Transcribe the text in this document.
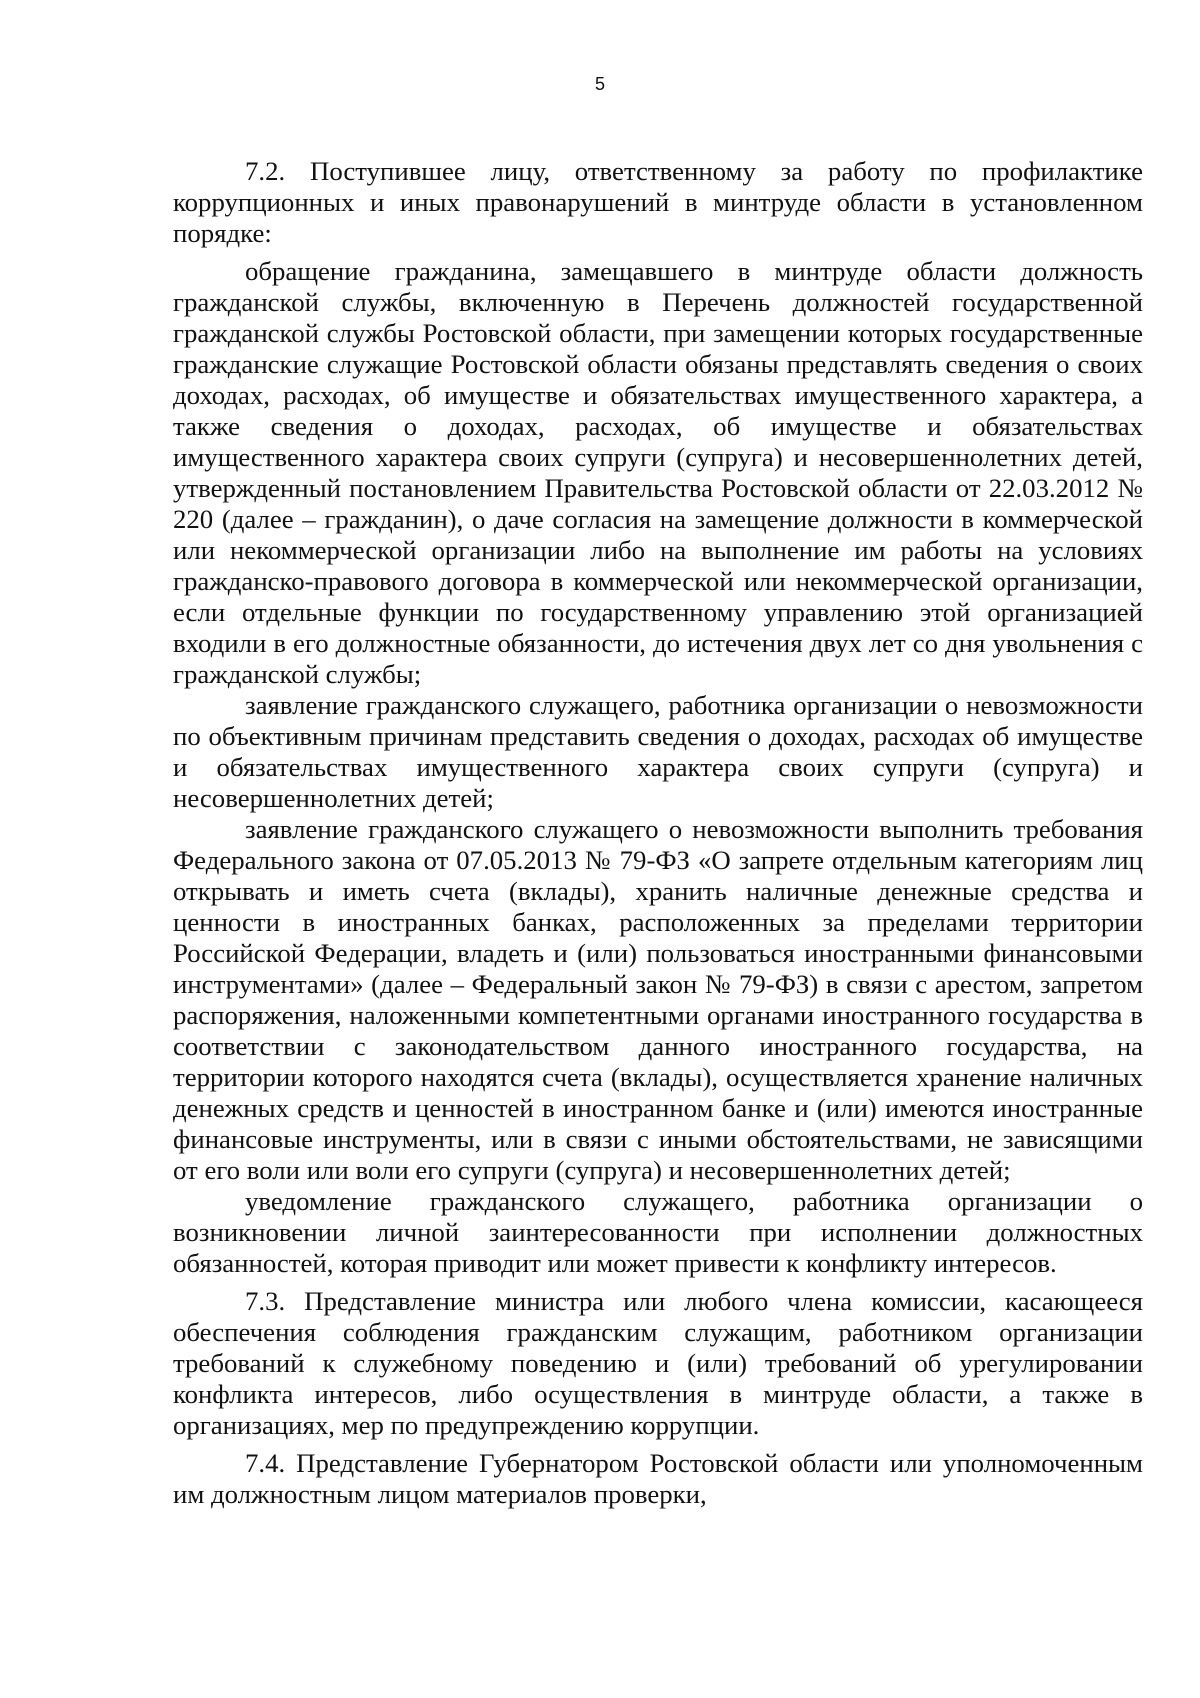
5

7.2. Поступившее лицу, ответственному за работу по профилактике коррупционных и иных правонарушений в минтруде области в установленном порядке:

обращение гражданина, замещавшего в минтруде области должность гражданской службы, включенную в Перечень должностей государственной гражданской службы Ростовской области, при замещении которых государственные гражданские служащие Ростовской области обязаны представлять сведения о своих доходах, расходах, об имуществе и обязательствах имущественного характера, а также сведения о доходах, расходах, об имуществе и обязательствах имущественного характера своих супруги (супруга) и несовершеннолетних детей, утвержденный постановлением Правительства Ростовской области от 22.03.2012 № 220 (далее – гражданин), о даче согласия на замещение должности в коммерческой или некоммерческой организации либо на выполнение им работы на условиях гражданско-правового договора в коммерческой или некоммерческой организации, если отдельные функции по государственному управлению этой организацией входили в его должностные обязанности, до истечения двух лет со дня увольнения с гражданской службы;

заявление гражданского служащего, работника организации о невозможности по объективным причинам представить сведения о доходах, расходах об имуществе и обязательствах имущественного характера своих супруги (супруга) и несовершеннолетних детей;

заявление гражданского служащего о невозможности выполнить требования Федерального закона от 07.05.2013 № 79-ФЗ «О запрете отдельным категориям лиц открывать и иметь счета (вклады), хранить наличные денежные средства и ценности в иностранных банках, расположенных за пределами территории Российской Федерации, владеть и (или) пользоваться иностранными финансовыми инструментами» (далее – Федеральный закон № 79-ФЗ) в связи с арестом, запретом распоряжения, наложенными компетентными органами иностранного государства в соответствии с законодательством данного иностранного государства, на территории которого находятся счета (вклады), осуществляется хранение наличных денежных средств и ценностей в иностранном банке и (или) имеются иностранные финансовые инструменты, или в связи с иными обстоятельствами, не зависящими от его воли или воли его супруги (супруга) и несовершеннолетних детей;

уведомление гражданского служащего, работника организации о возникновении личной заинтересованности при исполнении должностных обязанностей, которая приводит или может привести к конфликту интересов.

7.3. Представление министра или любого члена комиссии, касающееся обеспечения соблюдения гражданским служащим, работником организации требований к служебному поведению и (или) требований об урегулировании конфликта интересов, либо осуществления в минтруде области, а также в организациях, мер по предупреждению коррупции.

7.4. Представление Губернатором Ростовской области или уполномоченным им должностным лицом материалов проверки,
